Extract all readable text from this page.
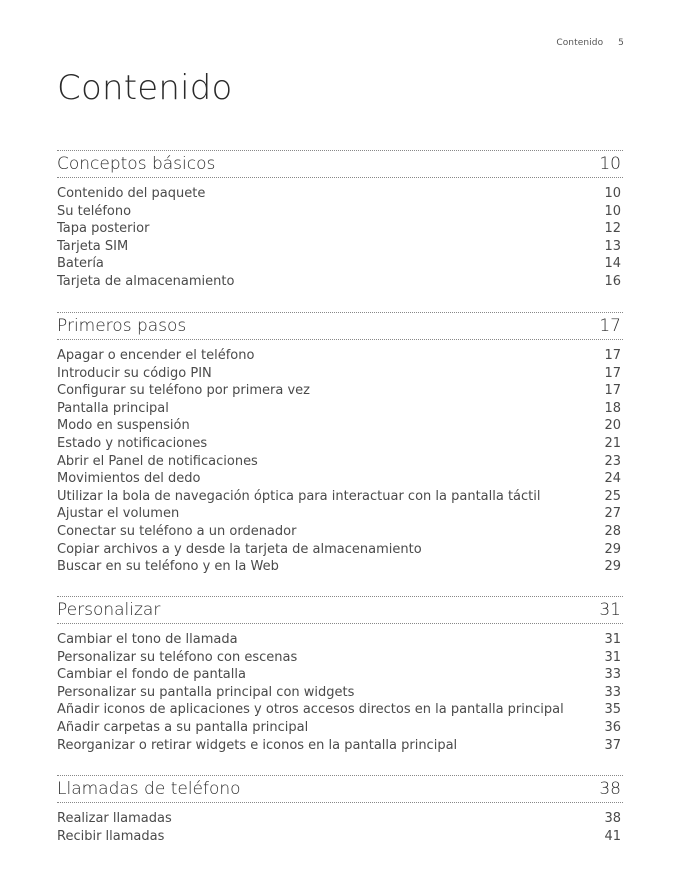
Contenido 5
Contenido
Conceptos básicos	10
Contenido del paquete	10
Su teléfono	10
Tapa posterior	12
Tarjeta SIM	13
Batería	14
Tarjeta de almacenamiento	16
Primeros pasos	17
Apagar o encender el teléfono	17
Introducir su código PIN	17
Configurar su teléfono por primera vez	17
Pantalla principal	18
Modo en suspensión	20
Estado y notificaciones	21
Abrir el Panel de notificaciones	23
Movimientos del dedo	24
Utilizar la bola de navegación óptica para interactuar con la pantalla táctil	25
Ajustar el volumen	27
Conectar su teléfono a un ordenador	28
Copiar archivos a y desde la tarjeta de almacenamiento	29
Buscar en su teléfono y en la Web	29
Personalizar	31
Cambiar el tono de llamada	31
Personalizar su teléfono con escenas	31
Cambiar el fondo de pantalla	33
Personalizar su pantalla principal con widgets	33
Añadir iconos de aplicaciones y otros accesos directos en la pantalla principal	35
Añadir carpetas a su pantalla principal	36
Reorganizar o retirar widgets e iconos en la pantalla principal	37
Llamadas de teléfono	38
Realizar llamadas	38
Recibir llamadas	41
